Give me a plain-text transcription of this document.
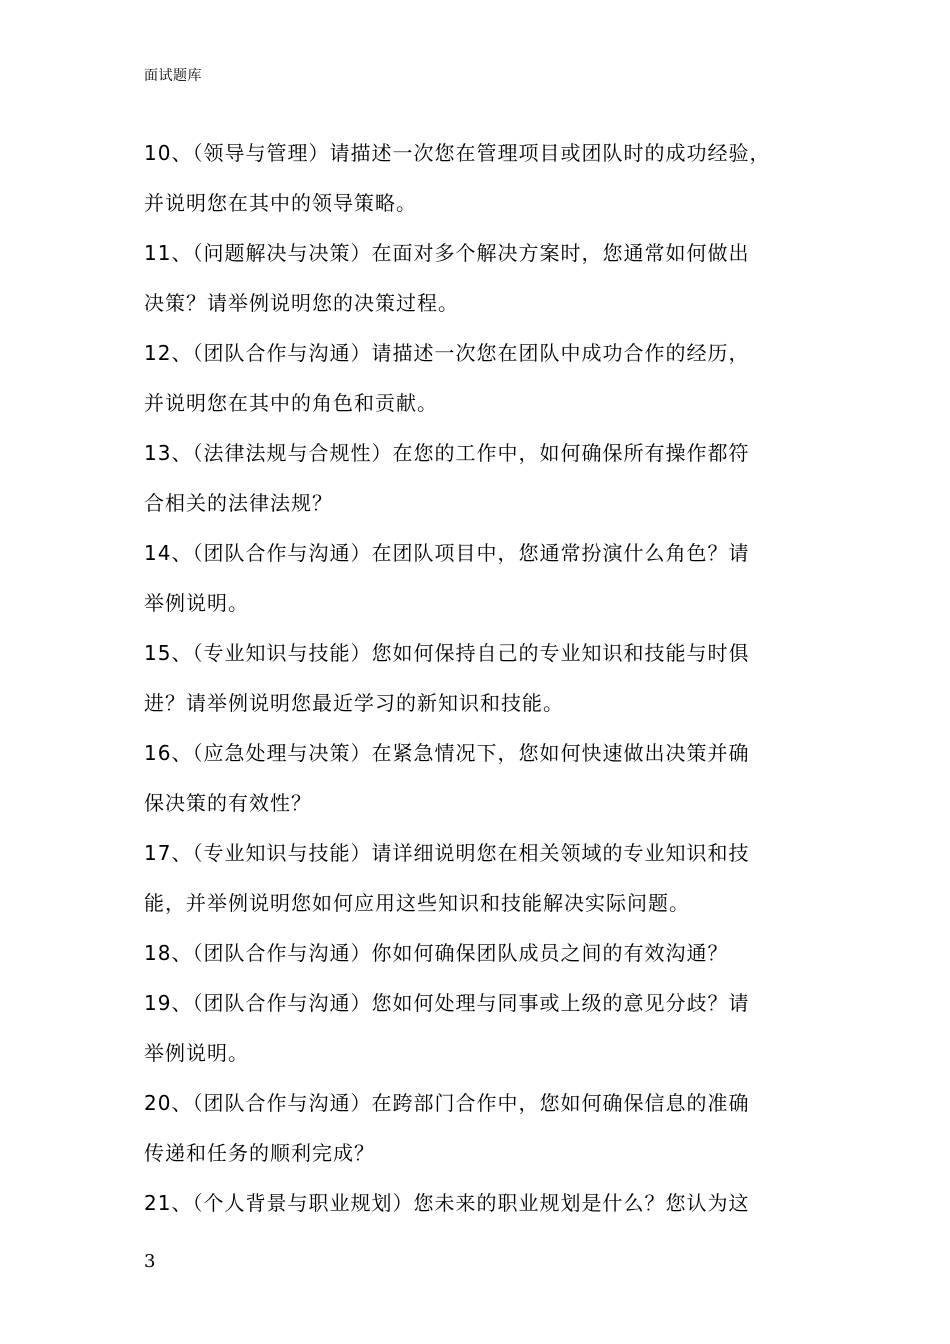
面试题库
10、（领导与管理）请描述一次您在管理项目或团队时的成功经验，
并说明您在其中的领导策略。
11、（问题解决与决策）在面对多个解决方案时，您通常如何做出
决策？请举例说明您的决策过程。
12、（团队合作与沟通）请描述一次您在团队中成功合作的经历，
并说明您在其中的角色和贡献。
13、（法律法规与合规性）在您的工作中，如何确保所有操作都符
合相关的法律法规？
14、（团队合作与沟通）在团队项目中，您通常扮演什么角色？请
举例说明。
15、（专业知识与技能）您如何保持自己的专业知识和技能与时俱
进？请举例说明您最近学习的新知识和技能。
16、（应急处理与决策）在紧急情况下，您如何快速做出决策并确
保决策的有效性？
17、（专业知识与技能）请详细说明您在相关领域的专业知识和技
能，并举例说明您如何应用这些知识和技能解决实际问题。
18、（团队合作与沟通）你如何确保团队成员之间的有效沟通？
19、（团队合作与沟通）您如何处理与同事或上级的意见分歧？请
举例说明。
20、（团队合作与沟通）在跨部门合作中，您如何确保信息的准确
传递和任务的顺利完成？
21、（个人背景与职业规划）您未来的职业规划是什么？您认为这
3
